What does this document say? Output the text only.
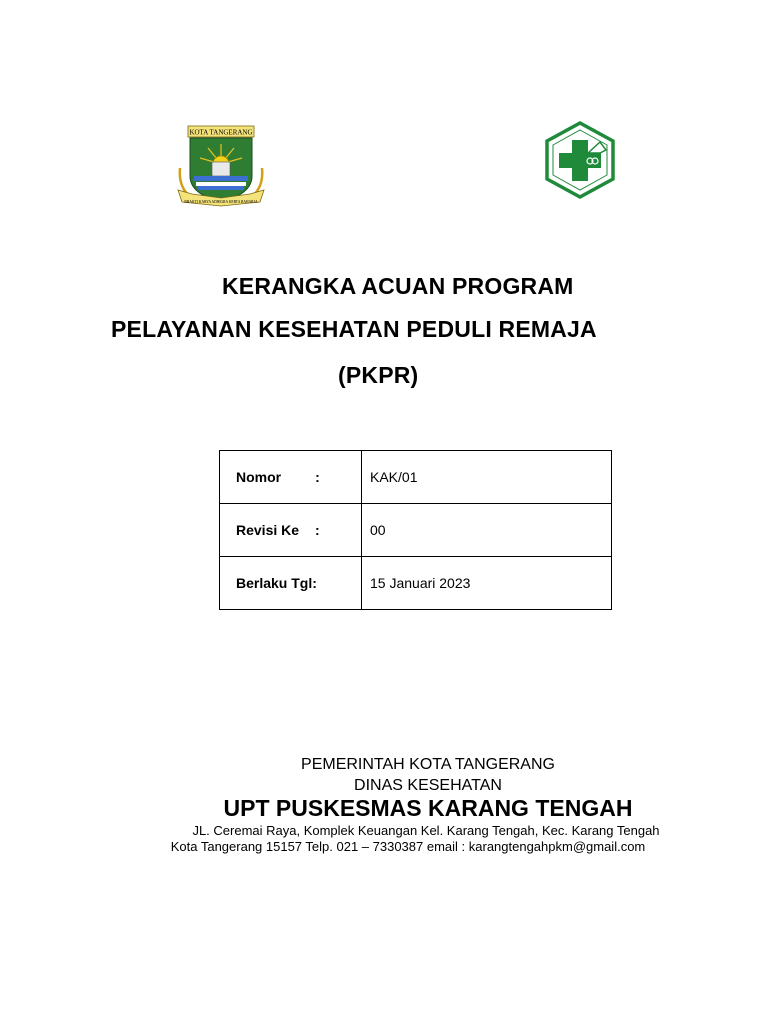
KOTA TANGERANG
BHAKTI KARYA ADHIGRA KERTA RAHARJA
KERANGKA ACUAN PROGRAM
PELAYANAN KESEHATAN PEDULI REMAJA
(PKPR)
Nomor :	KAK/01
Revisi Ke :	00
Berlaku Tgl:	15 Januari 2023
PEMERINTAH KOTA TANGERANG
DINAS KESEHATAN
UPT PUSKESMAS KARANG TENGAH
JL. Ceremai Raya, Komplek Keuangan Kel. Karang Tengah, Kec. Karang Tengah
Kota Tangerang 15157 Telp. 021 – 7330387 email : karangtengahpkm@gmail.com
